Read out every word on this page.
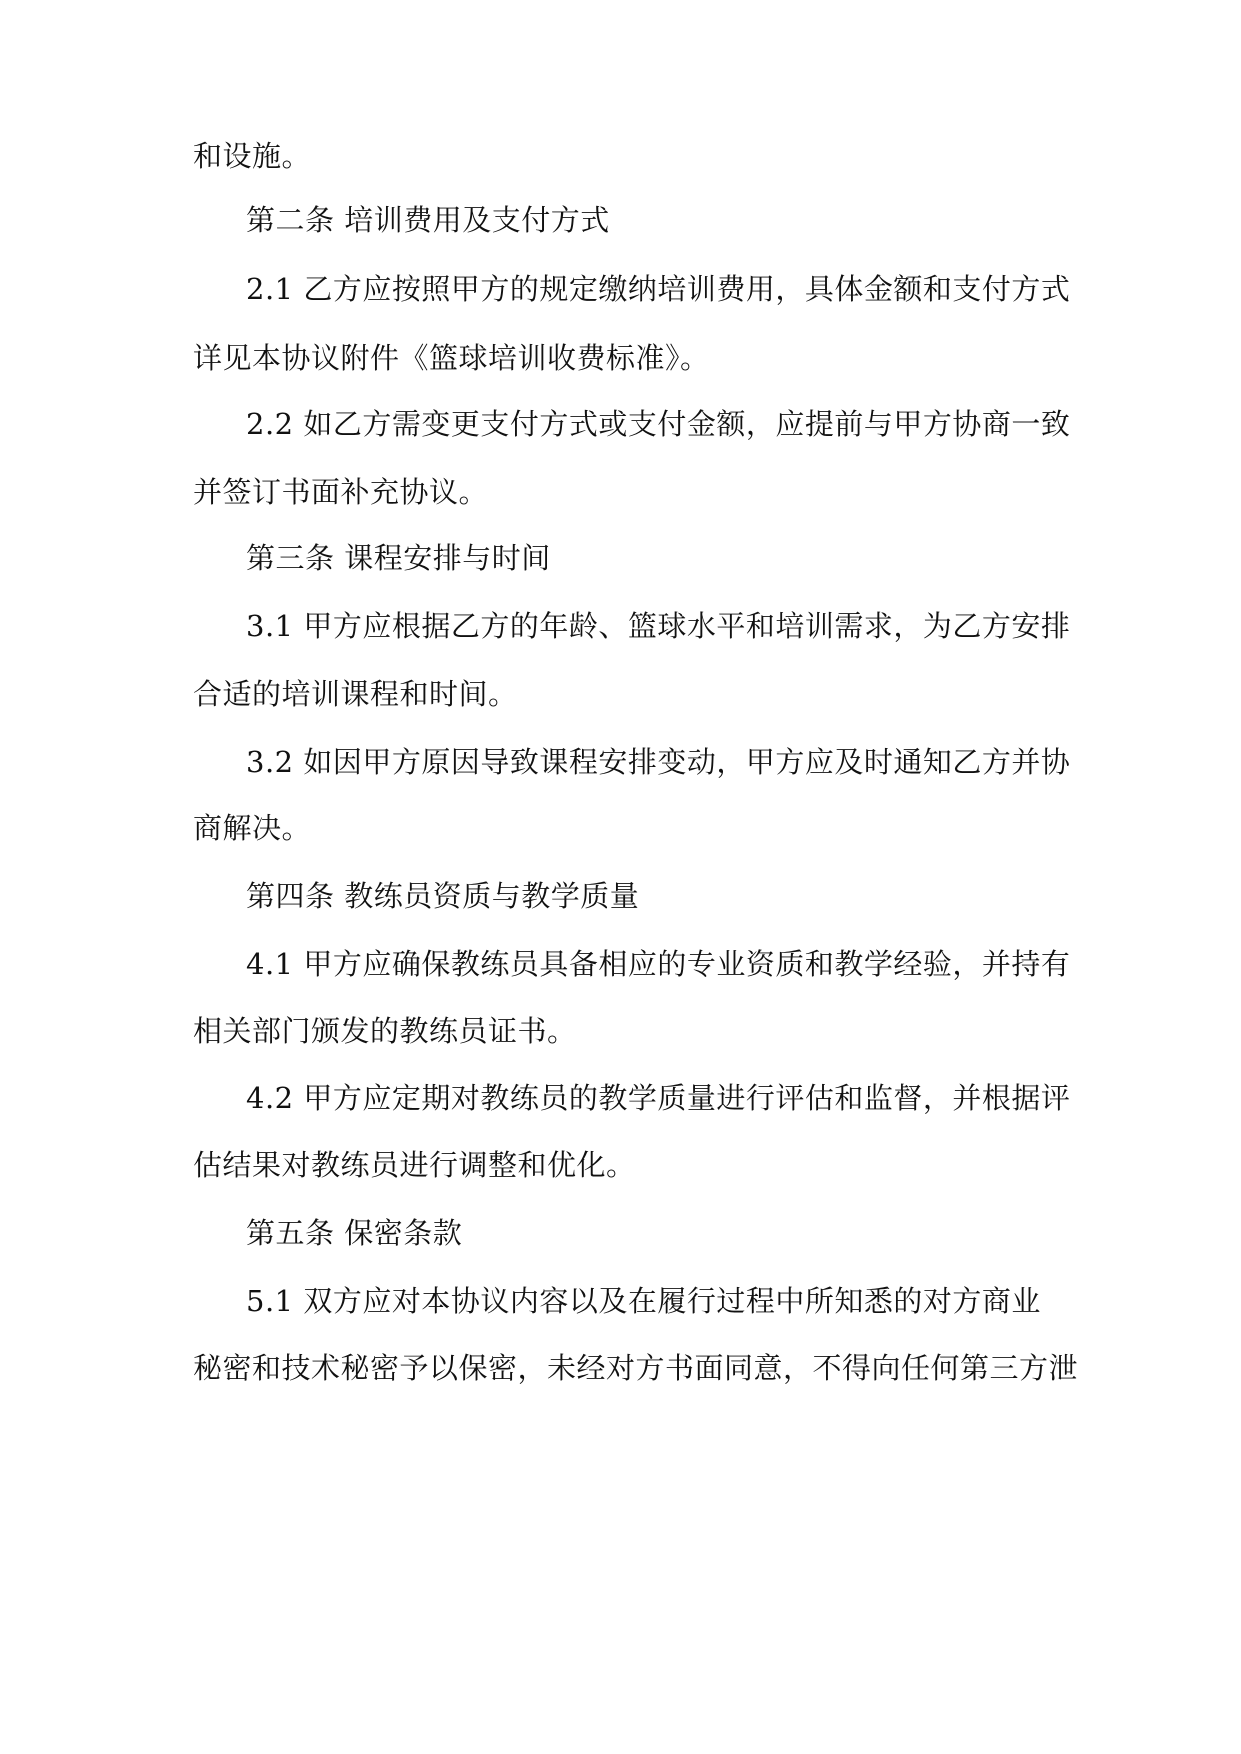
和设施。
第二条 培训费用及支付方式
2.1 乙方应按照甲方的规定缴纳培训费用，具体金额和支付方式
详见本协议附件《篮球培训收费标准》。
2.2 如乙方需变更支付方式或支付金额，应提前与甲方协商一致
并签订书面补充协议。
第三条 课程安排与时间
3.1 甲方应根据乙方的年龄、篮球水平和培训需求，为乙方安排
合适的培训课程和时间。
3.2 如因甲方原因导致课程安排变动，甲方应及时通知乙方并协
商解决。
第四条 教练员资质与教学质量
4.1 甲方应确保教练员具备相应的专业资质和教学经验，并持有
相关部门颁发的教练员证书。
4.2 甲方应定期对教练员的教学质量进行评估和监督，并根据评
估结果对教练员进行调整和优化。
第五条 保密条款
5.1 双方应对本协议内容以及在履行过程中所知悉的对方商业
秘密和技术秘密予以保密，未经对方书面同意，不得向任何第三方泄
